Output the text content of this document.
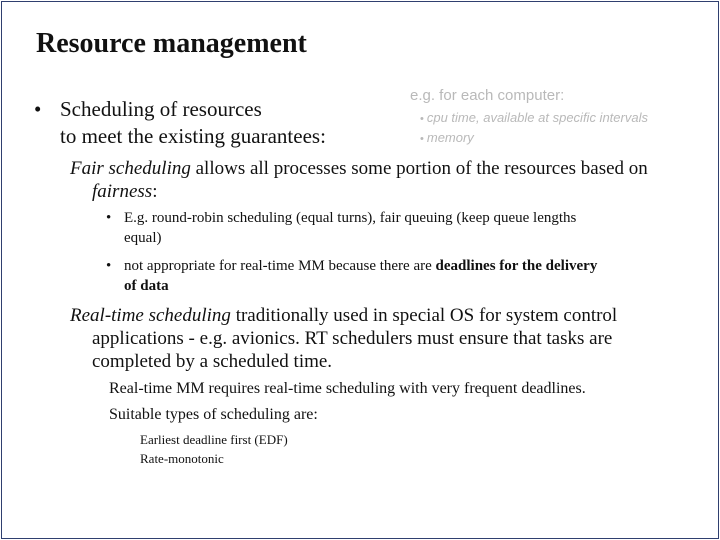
Resource management
• Scheduling of resources
to meet the existing guarantees:
e.g. for each computer:
• cpu time, available at specific intervals
• memory
Fair scheduling allows all processes some portion of the resources based on
fairness:
• E.g. round-robin scheduling (equal turns), fair queuing (keep queue lengths
equal)
• not appropriate for real-time MM because there are deadlines for the delivery
of data
Real-time scheduling traditionally used in special OS for system control
applications - e.g. avionics. RT schedulers must ensure that tasks are
completed by a scheduled time.
Real-time MM requires real-time scheduling with very frequent deadlines.
Suitable types of scheduling are:
Earliest deadline first (EDF)
Rate-monotonic
